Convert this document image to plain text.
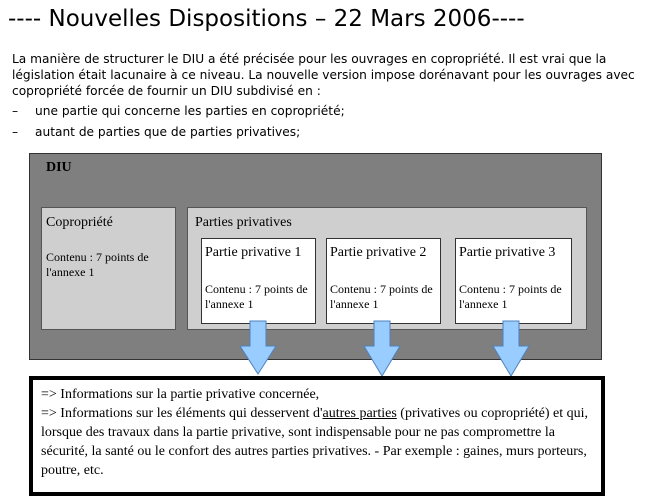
---- Nouvelles Dispositions – 22 Mars 2006----
La manière de structurer le DIU a été précisée pour les ouvrages en copropriété. Il est vrai que la législation était lacunaire à ce niveau. La nouvelle version impose dorénavant pour les ouvrages avec copropriété forcée de fournir un DIU subdivisé en :
– une partie qui concerne les parties en copropriété;
– autant de parties que de parties privatives;
DIU
Copropriété
Contenu : 7 points de l'annexe 1
Parties privatives
Partie privative 1
Contenu : 7 points de l'annexe 1
Partie privative 2
Contenu : 7 points de l'annexe 1
Partie privative 3
Contenu : 7 points de l'annexe 1
=> Informations sur la partie privative concernée,
=> Informations sur les éléments qui desservent d'autres parties (privatives ou copropriété) et qui, lorsque des travaux dans la partie privative, sont indispensable pour ne pas compromettre la sécurité, la santé ou le confort des autres parties privatives. - Par exemple : gaines, murs porteurs, poutre, etc.
